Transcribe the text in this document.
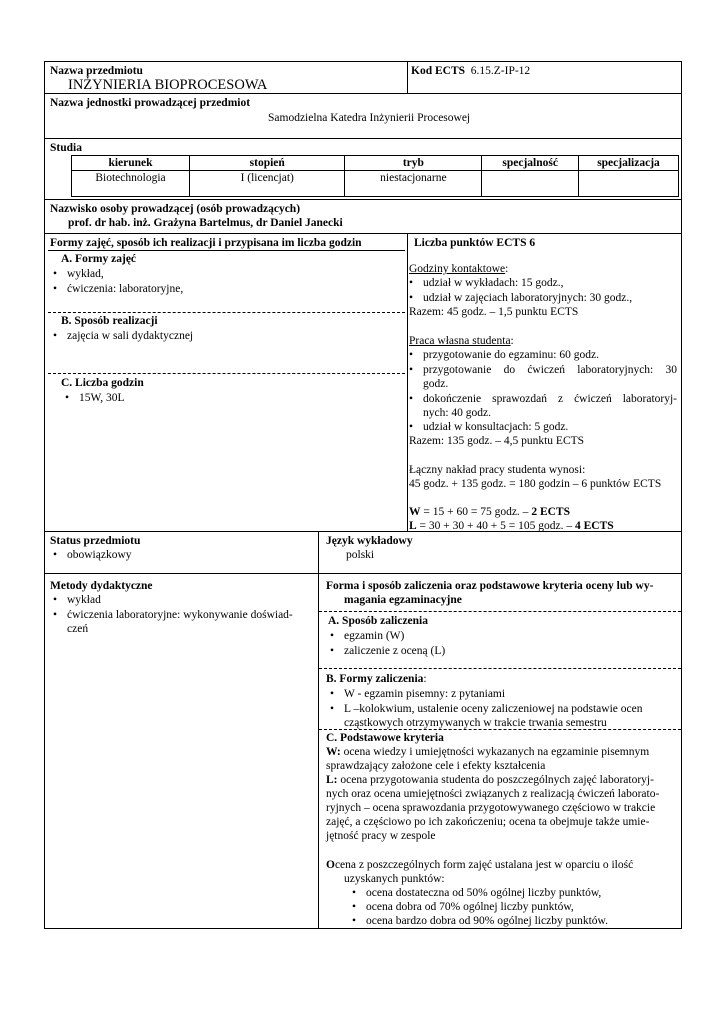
Nazwa przedmiotu
INŻYNIERIA BIOPROCESOWA
Kod ECTS 6.15.Z-IP-12
Nazwa jednostki prowadzącej przedmiot
Samodzielna Katedra Inżynierii Procesowej
Studia
kierunek	stopień	tryb	specjalność	specjalizacja
Biotechnologia	I (licencjat)	niestacjonarne		
Nazwisko osoby prowadzącej (osób prowadzących)
prof. dr hab. inż. Grażyna Bartelmus, dr Daniel Janecki
Formy zajęć, sposób ich realizacji i przypisana im liczba godzin
A. Formy zajęć
• wykład,
• ćwiczenia: laboratoryjne,
B. Sposób realizacji
• zajęcia w sali dydaktycznej
C. Liczba godzin
• 15W, 30L
Liczba punktów ECTS 6
Godziny kontaktowe:
• udział w wykładach: 15 godz.,
• udział w zajęciach laboratoryjnych: 30 godz.,
Razem: 45 godz. – 1,5 punktu ECTS
Praca własna studenta:
• przygotowanie do egzaminu: 60 godz.
• przygotowanie do ćwiczeń laboratoryjnych: 30
godz.
• dokończenie sprawozdań z ćwiczeń laboratoryj-
nych: 40 godz.
• udział w konsultacjach: 5 godz.
Razem: 135 godz. – 4,5 punktu ECTS
Łączny nakład pracy studenta wynosi:
45 godz. + 135 godz. = 180 godzin – 6 punktów ECTS
W = 15 + 60 = 75 godz. – 2 ECTS
L = 30 + 30 + 40 + 5 = 105 godz. – 4 ECTS
Status przedmiotu
• obowiązkowy
Język wykładowy
polski
Metody dydaktyczne
• wykład
• ćwiczenia laboratoryjne: wykonywanie doświad-
czeń
Forma i sposób zaliczenia oraz podstawowe kryteria oceny lub wy-
magania egzaminacyjne
A. Sposób zaliczenia
• egzamin (W)
• zaliczenie z oceną (L)
B. Formy zaliczenia:
• W - egzamin pisemny: z pytaniami
• L –kolokwium, ustalenie oceny zaliczeniowej na podstawie ocen
cząstkowych otrzymywanych w trakcie trwania semestru
C. Podstawowe kryteria
W: ocena wiedzy i umiejętności wykazanych na egzaminie pisemnym
sprawdzający założone cele i efekty kształcenia
L: ocena przygotowania studenta do poszczególnych zajęć laboratoryj-
nych oraz ocena umiejętności związanych z realizacją ćwiczeń laborato-
ryjnych – ocena sprawozdania przygotowywanego częściowo w trakcie
zajęć, a częściowo po ich zakończeniu; ocena ta obejmuje także umie-
jętność pracy w zespole
Ocena z poszczególnych form zajęć ustalana jest w oparciu o ilość
uzyskanych punktów:
• ocena dostateczna od 50% ogólnej liczby punktów,
• ocena dobra od 70% ogólnej liczby punktów,
• ocena bardzo dobra od 90% ogólnej liczby punktów.
